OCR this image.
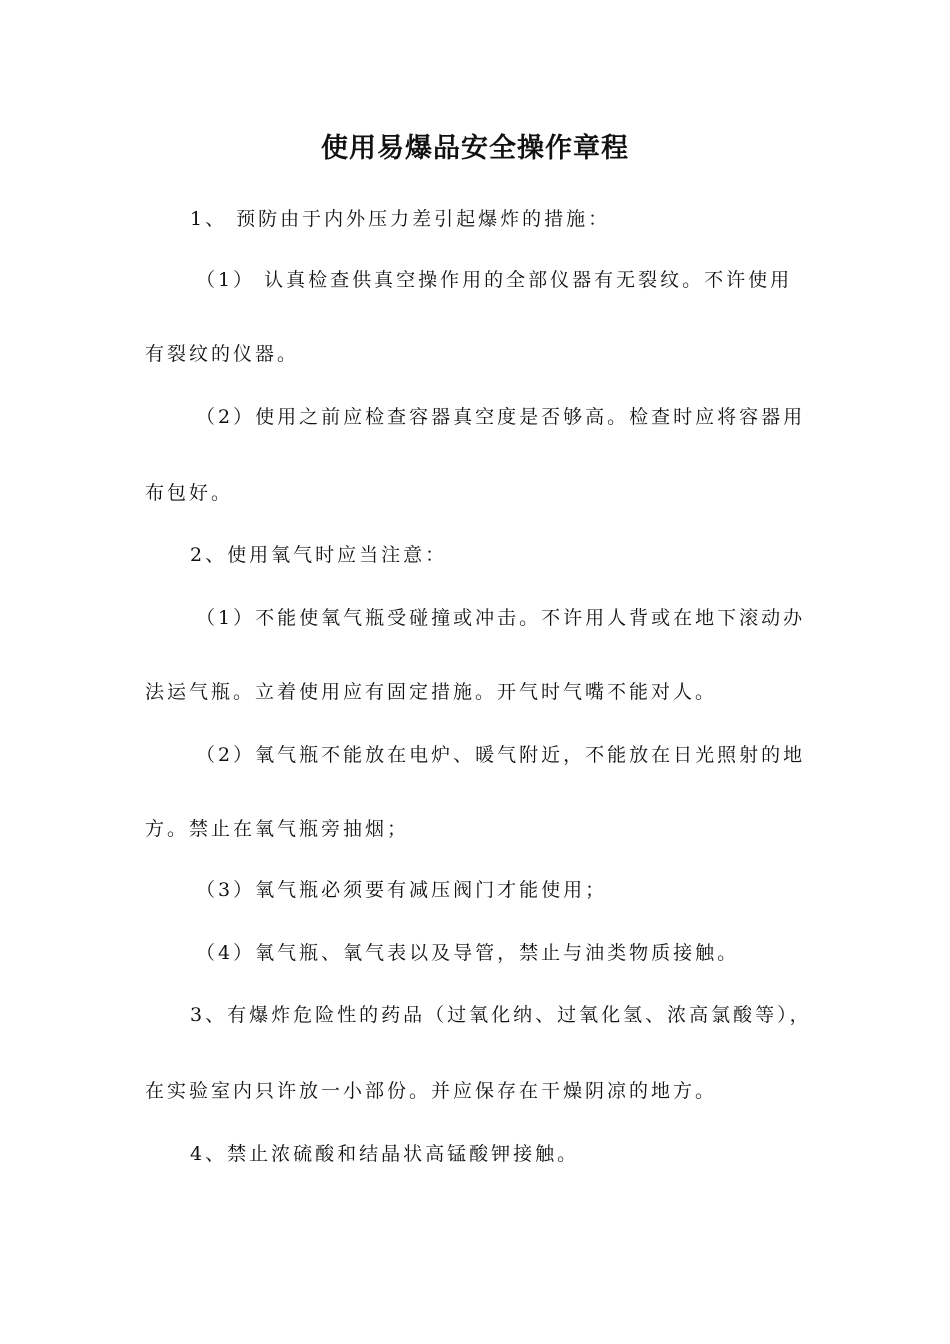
使用易爆品安全操作章程
1、 预防由于内外压力差引起爆炸的措施：
（1） 认真检查供真空操作用的全部仪器有无裂纹。不许使用
有裂纹的仪器。
（2）使用之前应检查容器真空度是否够高。检查时应将容器用
布包好。
2、使用氧气时应当注意：
（1）不能使氧气瓶受碰撞或冲击。不许用人背或在地下滚动办
法运气瓶。立着使用应有固定措施。开气时气嘴不能对人。
（2）氧气瓶不能放在电炉、暖气附近，不能放在日光照射的地
方。禁止在氧气瓶旁抽烟；
（3）氧气瓶必须要有减压阀门才能使用；
（4）氧气瓶、氧气表以及导管，禁止与油类物质接触。
3、有爆炸危险性的药品（过氧化纳、过氧化氢、浓高氯酸等），
在实验室内只许放一小部份。并应保存在干燥阴凉的地方。
4、禁止浓硫酸和结晶状高锰酸钾接触。
